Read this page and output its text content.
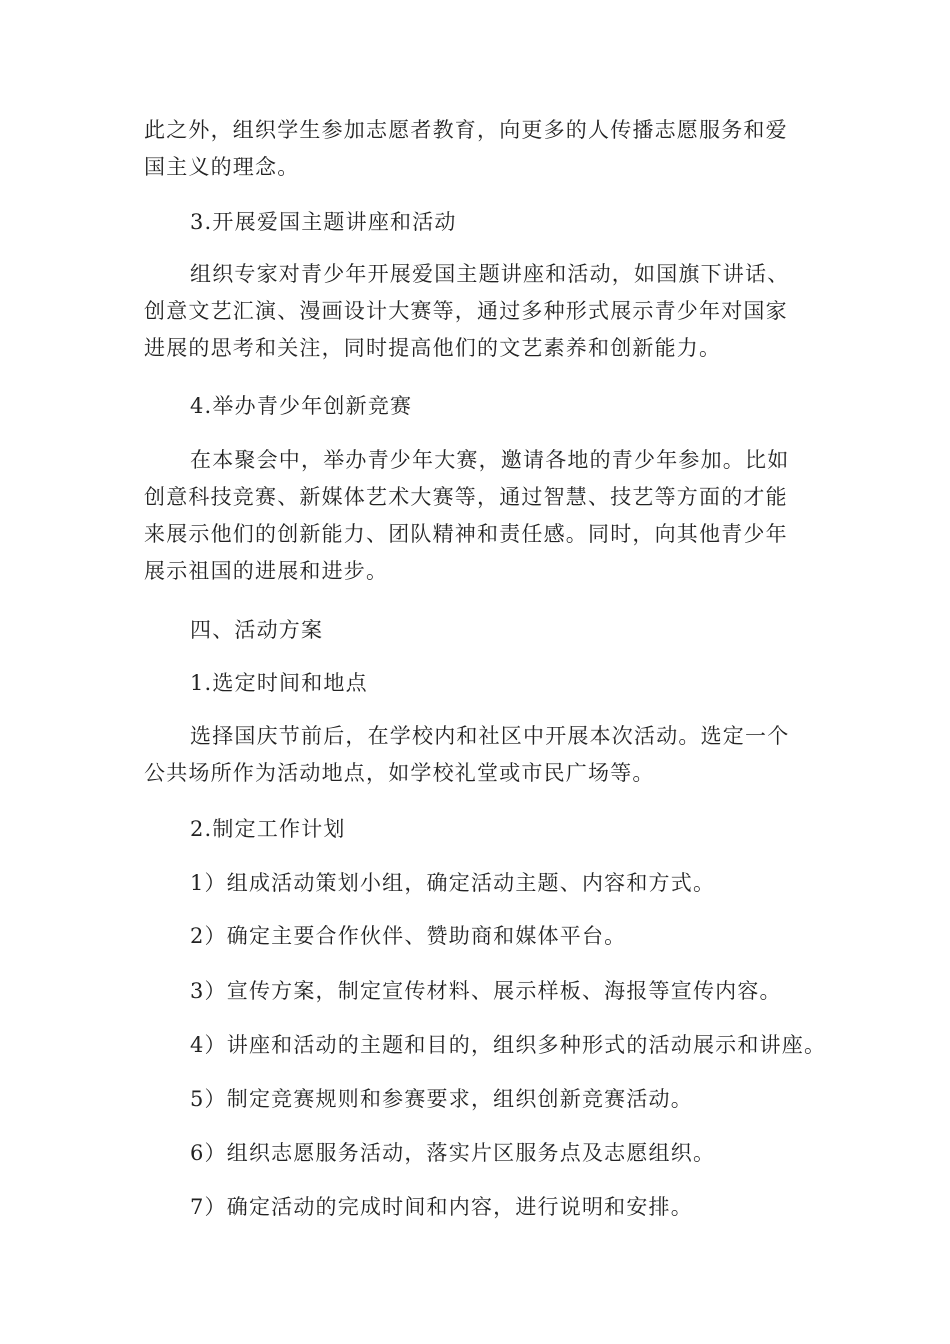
此之外，组织学生参加志愿者教育，向更多的人传播志愿服务和爱
国主义的理念。
3.开展爱国主题讲座和活动
组织专家对青少年开展爱国主题讲座和活动，如国旗下讲话、
创意文艺汇演、漫画设计大赛等，通过多种形式展示青少年对国家
进展的思考和关注，同时提高他们的文艺素养和创新能力。
4.举办青少年创新竞赛
在本聚会中，举办青少年大赛，邀请各地的青少年参加。比如
创意科技竞赛、新媒体艺术大赛等，通过智慧、技艺等方面的才能
来展示他们的创新能力、团队精神和责任感。同时，向其他青少年
展示祖国的进展和进步。
四、活动方案
1.选定时间和地点
选择国庆节前后，在学校内和社区中开展本次活动。选定一个
公共场所作为活动地点，如学校礼堂或市民广场等。
2.制定工作计划
1）组成活动策划小组，确定活动主题、内容和方式。
2）确定主要合作伙伴、赞助商和媒体平台。
3）宣传方案，制定宣传材料、展示样板、海报等宣传内容。
4）讲座和活动的主题和目的，组织多种形式的活动展示和讲座。
5）制定竞赛规则和参赛要求，组织创新竞赛活动。
6）组织志愿服务活动，落实片区服务点及志愿组织。
7）确定活动的完成时间和内容，进行说明和安排。
